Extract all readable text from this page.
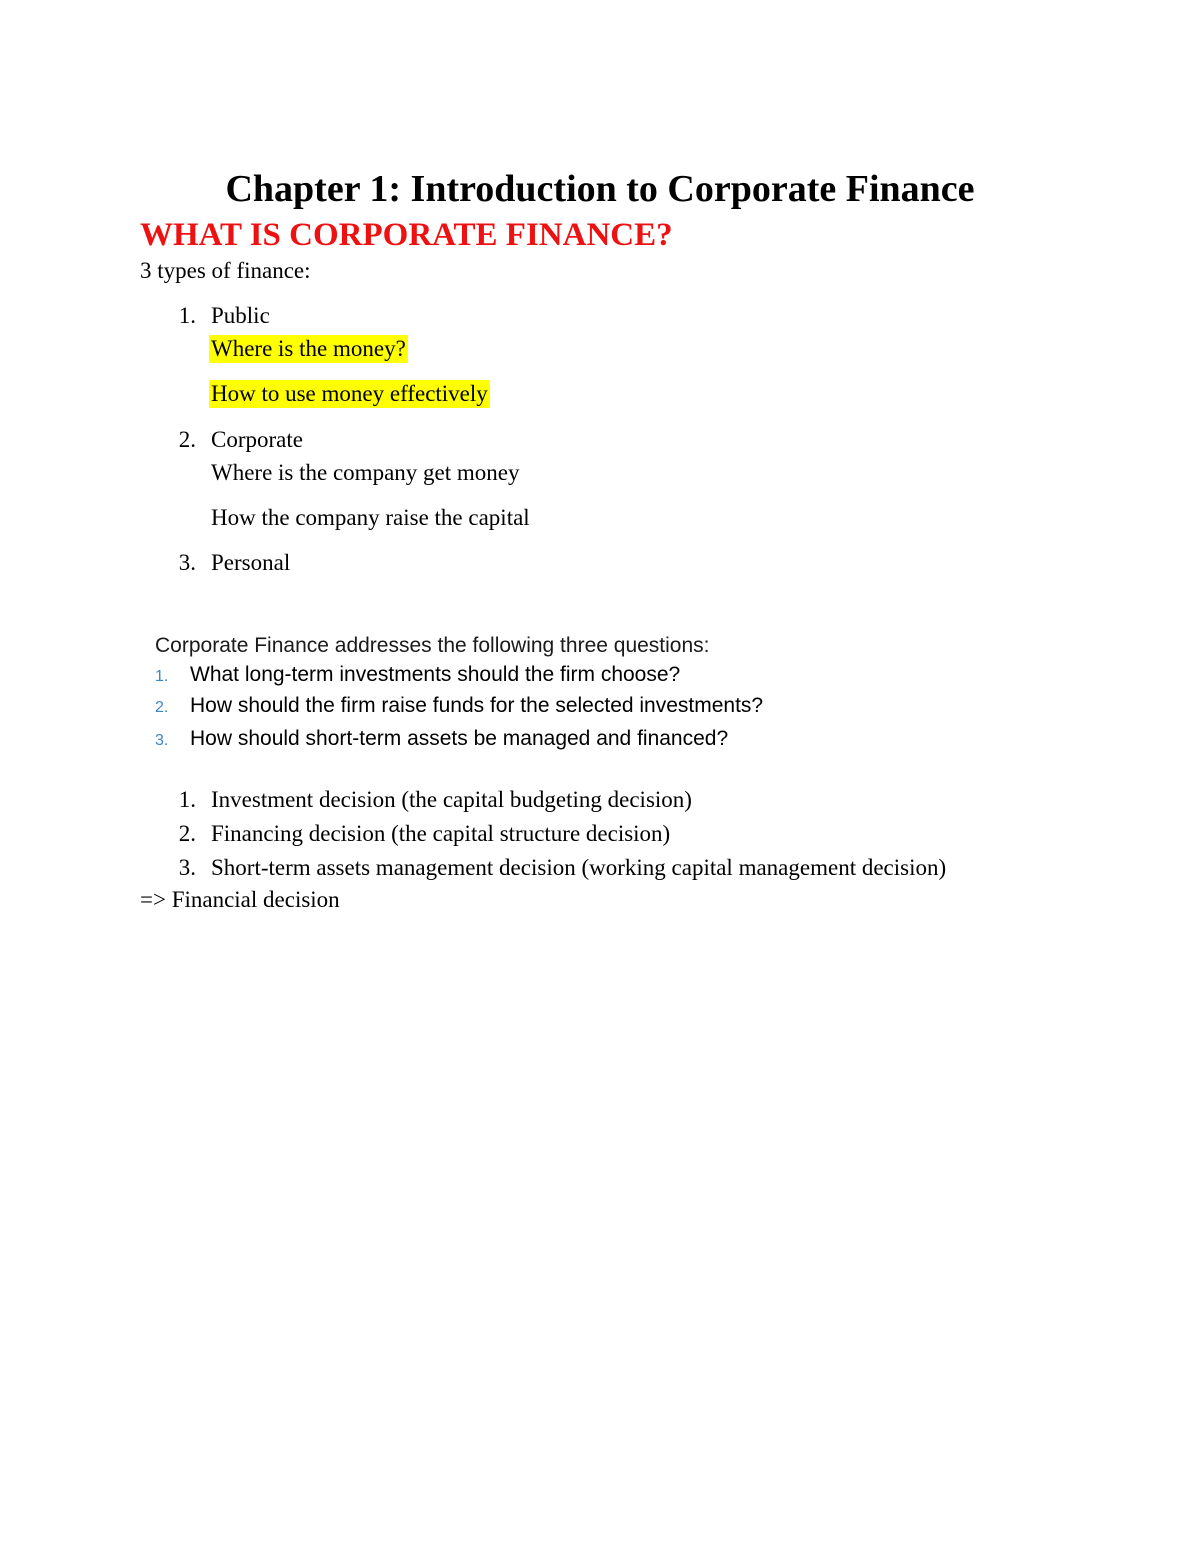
Chapter 1: Introduction to Corporate Finance
WHAT IS CORPORATE FINANCE?
3 types of finance:
1. Public
Where is the money?
How to use money effectively
2. Corporate
Where is the company get money
How the company raise the capital
3. Personal
Corporate Finance addresses the following three questions:
1.	What long-term investments should the firm choose?
2.	How should the firm raise funds for the selected investments?
3.	How should short-term assets be managed and financed?
1. Investment decision (the capital budgeting decision)
2. Financing decision (the capital structure decision)
3. Short-term assets management decision (working capital management decision)
=> Financial decision
